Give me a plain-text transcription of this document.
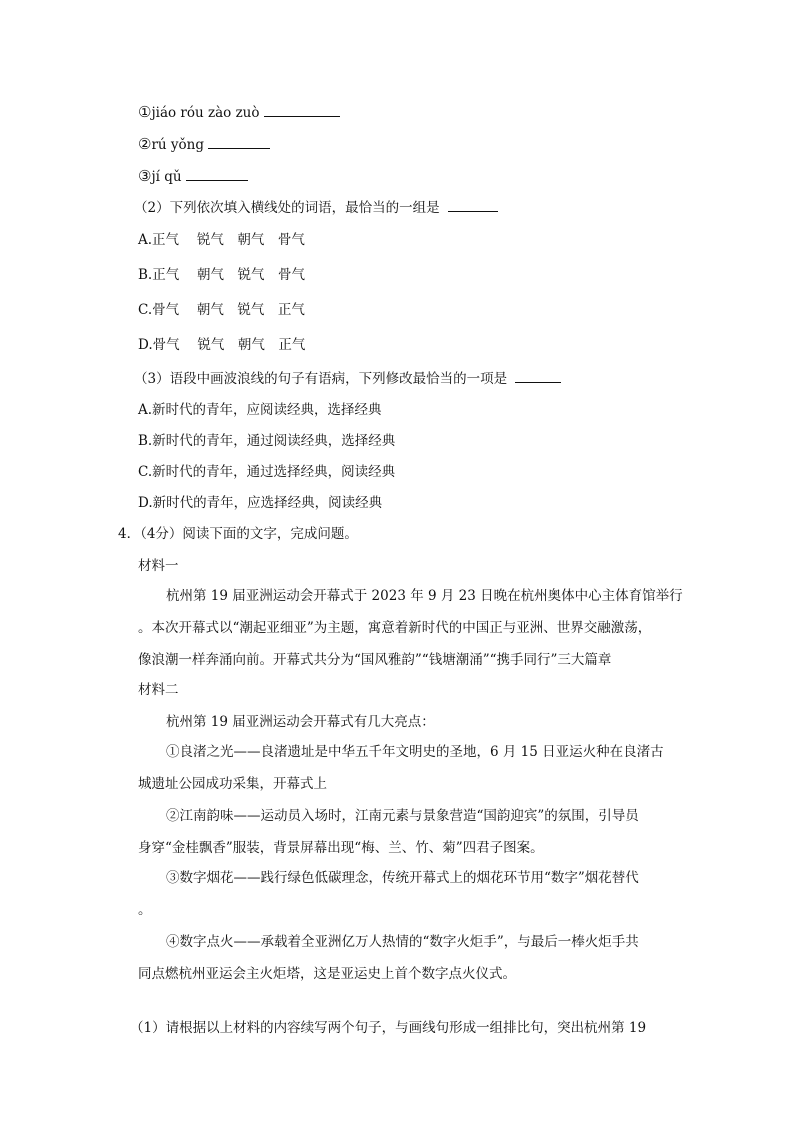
①jiáo róu zào zuò
②rú yǒng
③jí qǔ
（2）下列依次填入横线处的词语，最恰当的一组是
A.正气　 锐气　朝气　骨气
B.正气　 朝气　锐气　骨气
C.骨气　 朝气　锐气　正气
D.骨气　 锐气　朝气　正气
（3）语段中画波浪线的句子有语病，下列修改最恰当的一项是
A.新时代的青年，应阅读经典，选择经典
B.新时代的青年，通过阅读经典，选择经典
C.新时代的青年，通过选择经典，阅读经典
D.新时代的青年，应选择经典，阅读经典
4．（4分）阅读下面的文字，完成问题。
材料一
杭州第 19 届亚洲运动会开幕式于 2023 年 9 月 23 日晚在杭州奥体中心主体育馆举行
。本次开幕式以“潮起亚细亚”为主题，寓意着新时代的中国正与亚洲、世界交融激荡，
像浪潮一样奔涌向前。开幕式共分为“国风雅韵”“钱塘潮涌”“携手同行”三大篇章
材料二
杭州第 19 届亚洲运动会开幕式有几大亮点：
①良渚之光——良渚遗址是中华五千年文明史的圣地，6 月 15 日亚运火种在良渚古
城遗址公园成功采集，开幕式上
②江南韵味——运动员入场时，江南元素与景象营造“国韵迎宾”的氛围，引导员
身穿“金桂飘香”服装，背景屏幕出现“梅、兰、竹、菊”四君子图案。
③数字烟花——践行绿色低碳理念，传统开幕式上的烟花环节用“数字”烟花替代
。
④数字点火——承载着全亚洲亿万人热情的“数字火炬手”，与最后一棒火炬手共
同点燃杭州亚运会主火炬塔，这是亚运史上首个数字点火仪式。
（1）请根据以上材料的内容续写两个句子，与画线句形成一组排比句，突出杭州第 19
